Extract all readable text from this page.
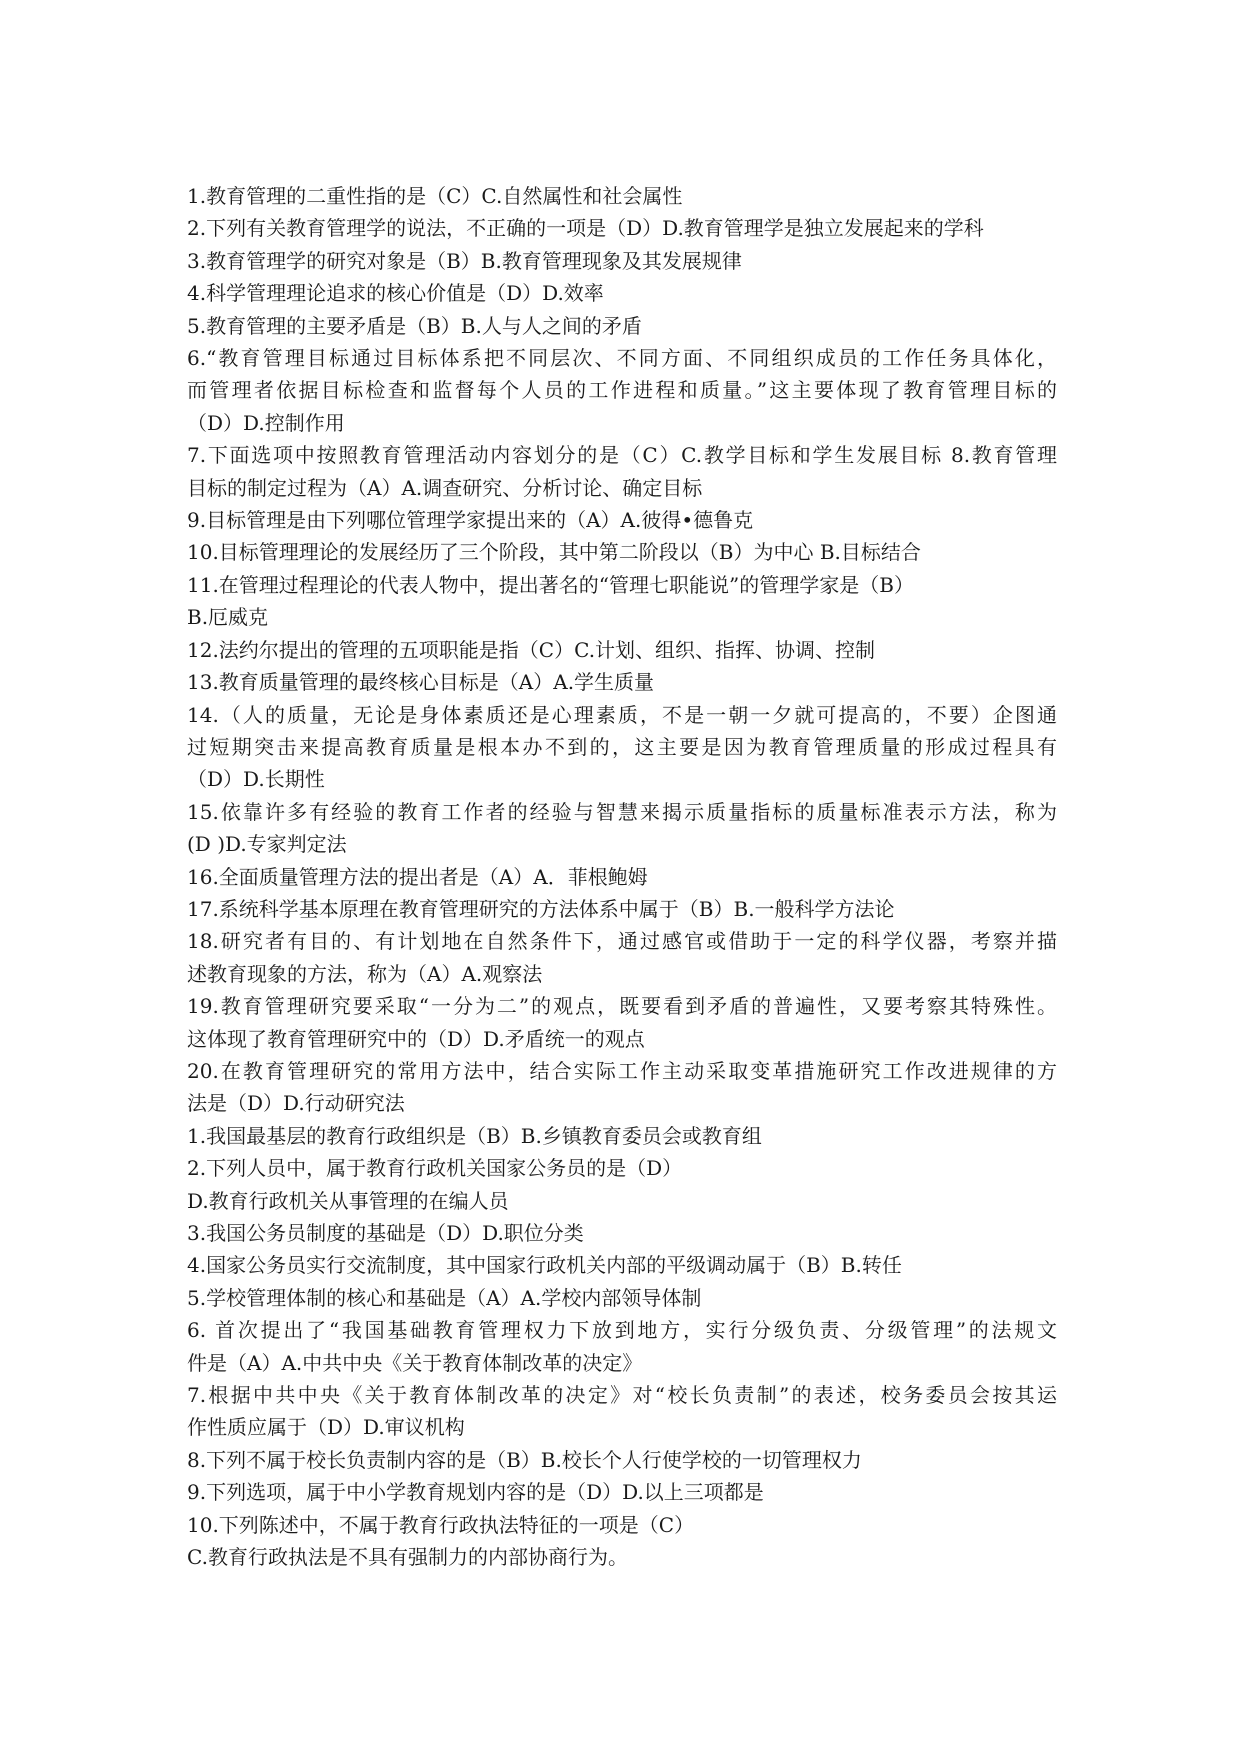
1.教育管理的二重性指的是（C）C.自然属性和社会属性
2.下列有关教育管理学的说法，不正确的一项是（D）D.教育管理学是独立发展起来的学科
3.教育管理学的研究对象是（B）B.教育管理现象及其发展规律
4.科学管理理论追求的核心价值是（D）D.效率
5.教育管理的主要矛盾是（B）B.人与人之间的矛盾
6.“教育管理目标通过目标体系把不同层次、不同方面、不同组织成员的工作任务具体化，
而管理者依据目标检查和监督每个人员的工作进程和质量。”这主要体现了教育管理目标的
（D）D.控制作用
7.下面选项中按照教育管理活动内容划分的是（C）C.教学目标和学生发展目标 8.教育管理
目标的制定过程为（A）A.调查研究、分析讨论、确定目标
9.目标管理是由下列哪位管理学家提出来的（A）A.彼得•德鲁克
10.目标管理理论的发展经历了三个阶段，其中第二阶段以（B）为中心 B.目标结合
11.在管理过程理论的代表人物中，提出著名的“管理七职能说”的管理学家是（B）
B.厄威克
12.法约尔提出的管理的五项职能是指（C）C.计划、组织、指挥、协调、控制
13.教育质量管理的最终核心目标是（A）A.学生质量
14.（人的质量，无论是身体素质还是心理素质，不是一朝一夕就可提高的，不要）企图通
过短期突击来提高教育质量是根本办不到的，这主要是因为教育管理质量的形成过程具有
（D）D.长期性
15.依靠许多有经验的教育工作者的经验与智慧来揭示质量指标的质量标准表示方法，称为
(D )D.专家判定法
16.全面质量管理方法的提出者是（A）A．菲根鲍姆
17.系统科学基本原理在教育管理研究的方法体系中属于（B）B.一般科学方法论
18.研究者有目的、有计划地在自然条件下，通过感官或借助于一定的科学仪器，考察并描
述教育现象的方法，称为（A）A.观察法
19.教育管理研究要采取“一分为二”的观点，既要看到矛盾的普遍性，又要考察其特殊性。
这体现了教育管理研究中的（D）D.矛盾统一的观点
20.在教育管理研究的常用方法中，结合实际工作主动采取变革措施研究工作改进规律的方
法是（D）D.行动研究法
1.我国最基层的教育行政组织是（B）B.乡镇教育委员会或教育组
2.下列人员中，属于教育行政机关国家公务员的是（D）
D.教育行政机关从事管理的在编人员
3.我国公务员制度的基础是（D）D.职位分类
4.国家公务员实行交流制度，其中国家行政机关内部的平级调动属于（B）B.转任
5.学校管理体制的核心和基础是（A）A.学校内部领导体制
6. 首次提出了“我国基础教育管理权力下放到地方，实行分级负责、分级管理”的法规文
件是（A）A.中共中央《关于教育体制改革的决定》
7.根据中共中央《关于教育体制改革的决定》对“校长负责制”的表述，校务委员会按其运
作性质应属于（D）D.审议机构
8.下列不属于校长负责制内容的是（B）B.校长个人行使学校的一切管理权力
9.下列选项，属于中小学教育规划内容的是（D）D.以上三项都是
10.下列陈述中，不属于教育行政执法特征的一项是（C）
C.教育行政执法是不具有强制力的内部协商行为。
